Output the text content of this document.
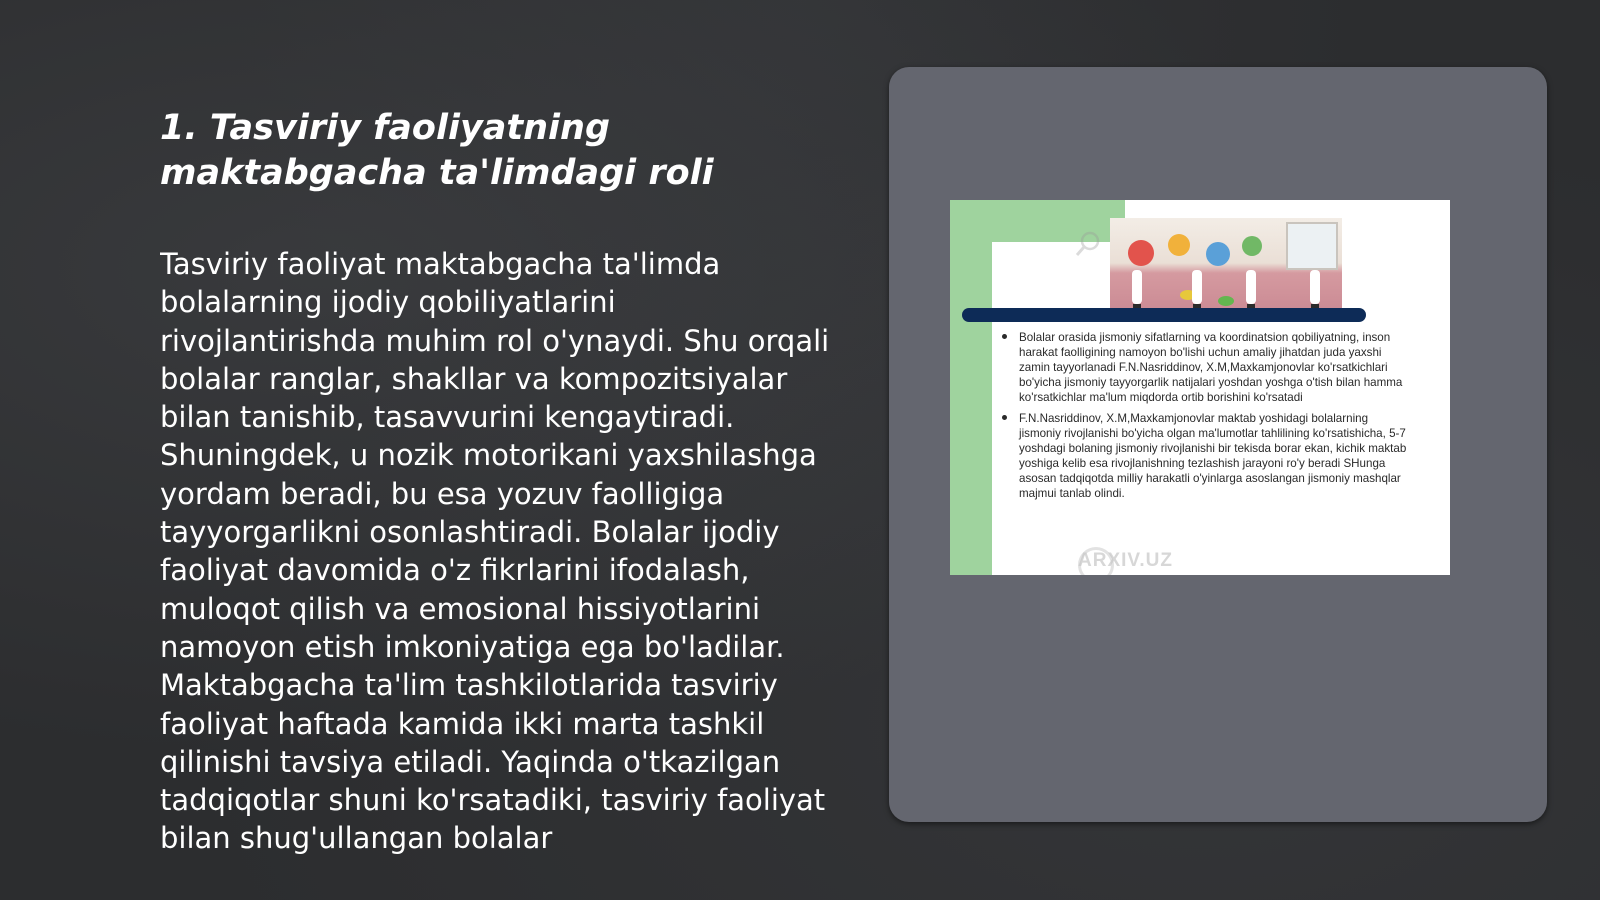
1. Tasviriy faoliyatning maktabgacha ta'limdagi roli

Tasviriy faoliyat maktabgacha ta'limda bolalarning ijodiy qobiliyatlarini rivojlantirishda muhim rol o'ynaydi. Shu orqali bolalar ranglar, shakllar va kompozitsiyalar bilan tanishib, tasavvurini kengaytiradi. Shuningdek, u nozik motorikani yaxshilashga yordam beradi, bu esa yozuv faolligiga tayyorgarlikni osonlashtiradi. Bolalar ijodiy faoliyat davomida o'z fikrlarini ifodalash, muloqot qilish va emosional hissiyotlarini namoyon etish imkoniyatiga ega bo'ladilar. Maktabgacha ta'lim tashkilotlarida tasviriy faoliyat haftada kamida ikki marta tashkil qilinishi tavsiya etiladi. Yaqinda o'tkazilgan tadqiqotlar shuni ko'rsatadiki, tasviriy faoliyat bilan shug'ullangan bolalar

Bolalar orasida jismoniy sifatlarning va koordinatsion qobiliyatning, inson harakat faolligining namoyon bo'lishi uchun amaliy jihatdan juda yaxshi zamin tayyorlanadi F.N.Nasriddinov, X.M,Maxkamjonovlar ko'rsatkichlari bo'yicha jismoniy tayyorgarlik natijalari yoshdan yoshga o'tish bilan hamma ko'rsatkichlar ma'lum miqdorda ortib borishini ko'rsatadi
F.N.Nasriddinov, X.M,Maxkamjonovlar maktab yoshidagi bolalarning jismoniy rivojlanishi bo'yicha olgan ma'lumotlar tahlilining ko'rsatishicha, 5-7 yoshdagi bolaning jismoniy rivojlanishi bir tekisda borar ekan, kichik maktab yoshiga kelib esa rivojlanishning tezlashish jarayoni ro'y beradi SHunga asosan tadqiqotda milliy harakatli o'yinlarga asoslangan jismoniy mashqlar majmui tanlab olindi.
ARXIV.UZ
